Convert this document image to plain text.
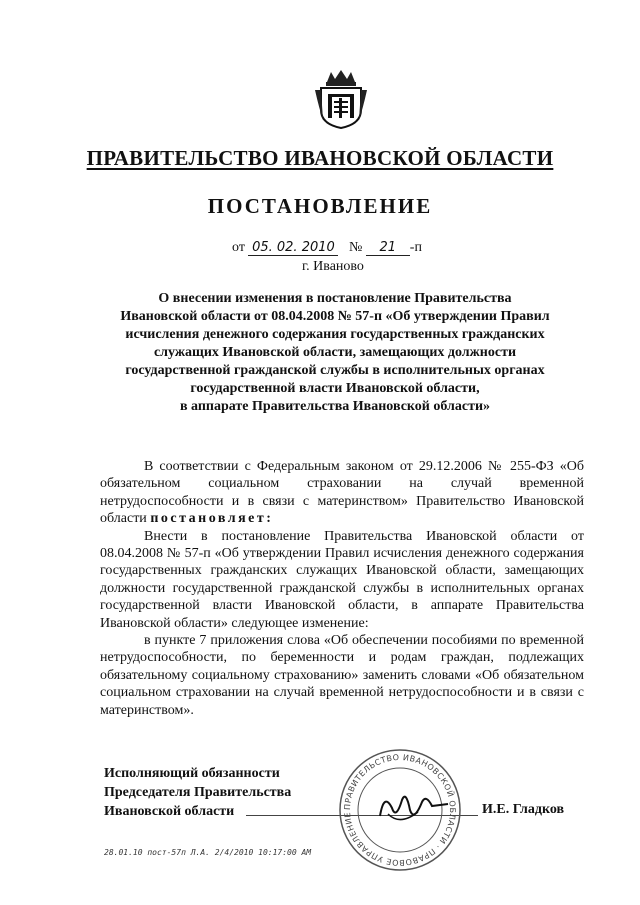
ПРАВИТЕЛЬСТВО ИВАНОВСКОЙ ОБЛАСТИ
ПОСТАНОВЛЕНИЕ
от 05. 02. 2010 № 21 -п
г. Иваново
О внесении изменения в постановление Правительства
Ивановской области от 08.04.2008 № 57-п «Об утверждении Правил
исчисления денежного содержания государственных гражданских
служащих Ивановской области, замещающих должности
государственной гражданской службы в исполнительных органах
государственной власти Ивановской области,
в аппарате Правительства Ивановской области»

В соответствии с Федеральным законом от 29.12.2006 № 255-ФЗ «Об обязательном социальном страховании на случай временной нетрудоспособности и в связи с материнством» Правительство Ивановской области постановляет:

Внести в постановление Правительства Ивановской области от 08.04.2008 № 57-п «Об утверждении Правил исчисления денежного содержания государственных гражданских служащих Ивановской области, замещающих должности государственной гражданской службы в исполнительных органах государственной власти Ивановской области, в аппарате Правительства Ивановской области» следующее изменение:

в пункте 7 приложения слова «Об обеспечении пособиями по временной нетрудоспособности, по беременности и родам граждан, подлежащих обязательному социальному страхованию» заменить словами «Об обязательном социальном страховании на случай временной нетрудоспособности и в связи с материнством».

Исполняющий обязанности
Председателя Правительства
Ивановской области	ПРАВИТЕЛЬСТВО ИВАНОВСКОЙ ОБЛАСТИ · ПРАВОВОЕ УПРАВЛЕНИЕ	И.Е. Гладков
28.01.10 пост-57п Л.А. 2/4/2010 10:17:00 AM
